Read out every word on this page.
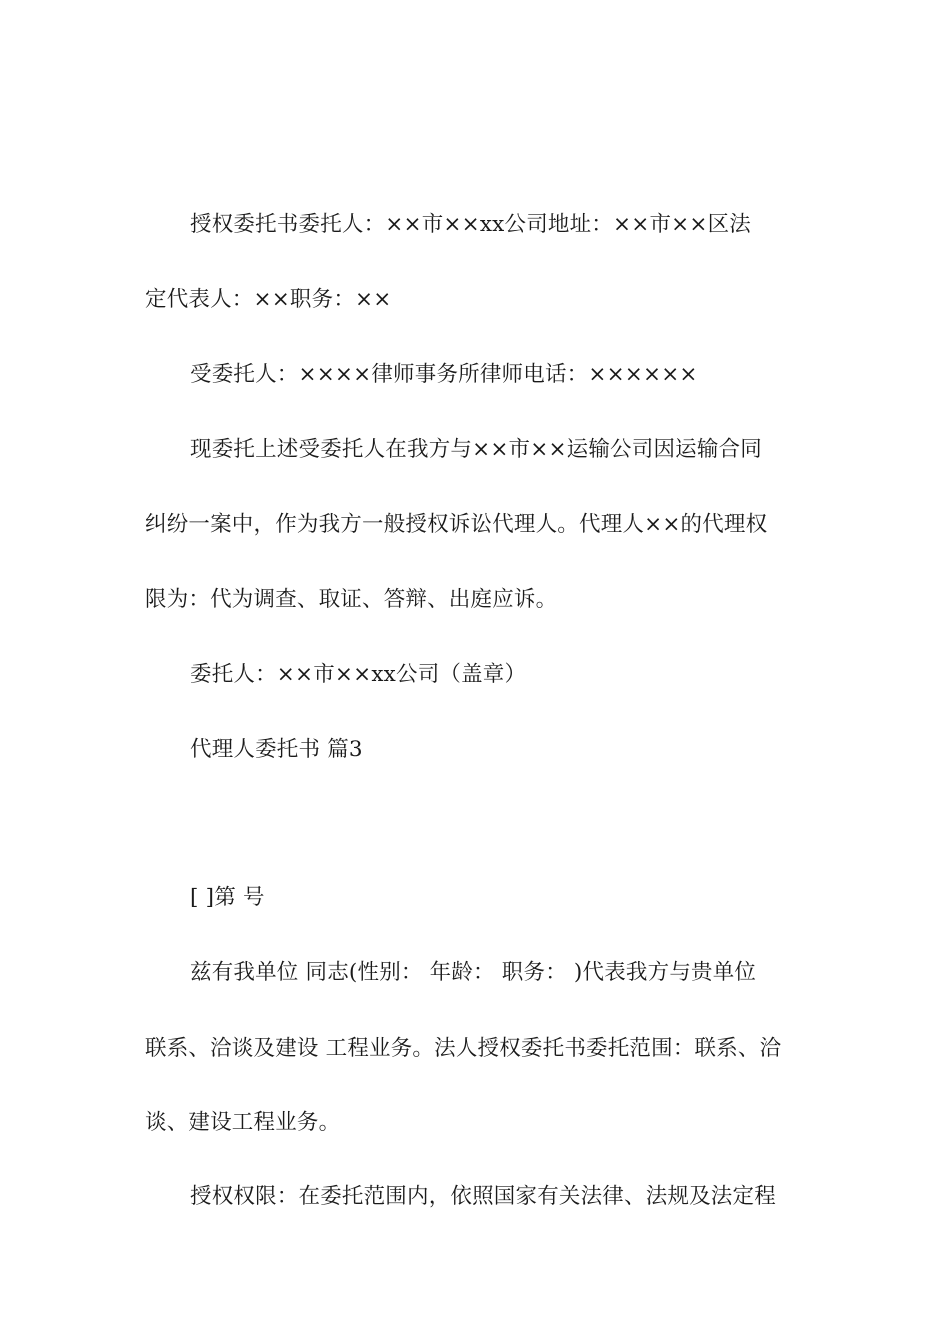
授权委托书委托人：××市××xx公司地址：××市××区法
定代表人：××职务：××
受委托人：××××律师事务所律师电话：××××××
现委托上述受委托人在我方与××市××运输公司因运输合同
纠纷一案中，作为我方一般授权诉讼代理人。代理人××的代理权
限为：代为调查、取证、答辩、出庭应诉。
委托人：××市××xx公司（盖章）
代理人委托书 篇3
[ ]第 号
兹有我单位 同志(性别： 年龄： 职务： )代表我方与贵单位
联系、洽谈及建设 工程业务。法人授权委托书委托范围：联系、洽
谈、建设工程业务。
授权权限：在委托范围内，依照国家有关法律、法规及法定程
